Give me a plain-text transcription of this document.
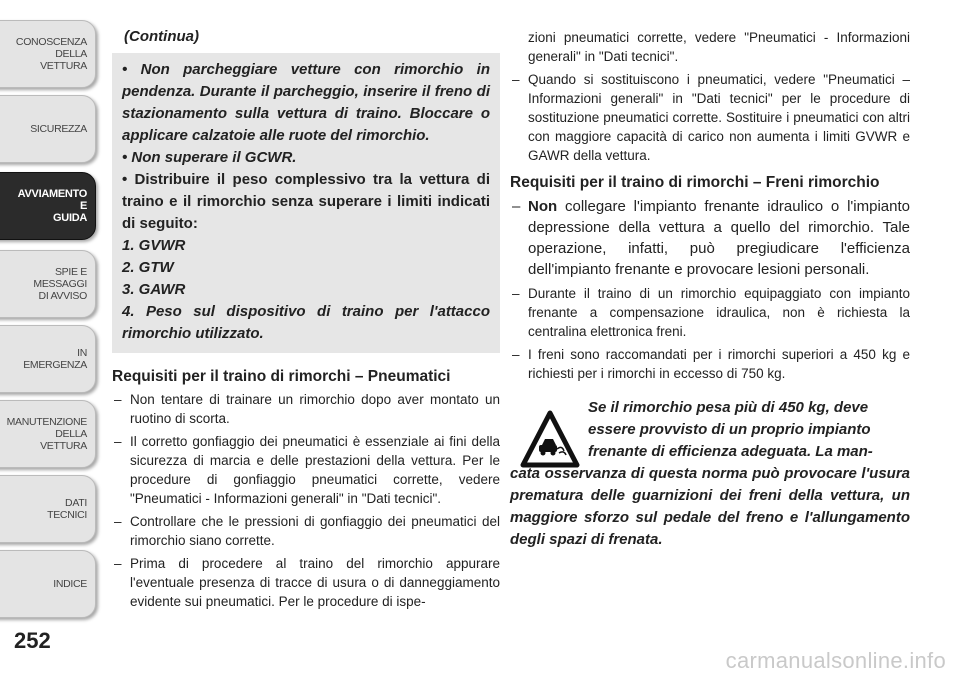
CONOSCENZA
DELLA
VETTURA
SICUREZZA
AVVIAMENTO
E
GUIDA
SPIE E
MESSAGGI
DI AVVISO
IN
EMERGENZA
MANUTENZIONE
DELLA
VETTURA
DATI
TECNICI
INDICE
252
(Continua)

• Non parcheggiare vetture con rimorchio in pendenza. Durante il parcheggio, inserire il freno di stazionamento sulla vettura di traino. Bloccare o applicare calzatoie alle ruote del rimorchio.

• Non superare il GCWR.

• Distribuire il peso complessivo tra la vettura di traino e il rimorchio senza superare i limiti indicati di seguito:

1. GVWR

2. GTW

3. GAWR

4. Peso sul dispositivo di traino per l'attacco rimorchio utilizzato.

Requisiti per il traino di rimorchi – Pneumatici
– Non tentare di trainare un rimorchio dopo aver montato un ruotino di scorta.
– Il corretto gonfiaggio dei pneumatici è essenziale ai fini della sicurezza di marcia e delle prestazioni della vettura. Per le procedure di gonfiaggio pneumatici corrette, vedere "Pneumatici - Informazioni generali" in "Dati tecnici".
– Controllare che le pressioni di gonfiaggio dei pneumatici del rimorchio siano corrette.
– Prima di procedere al traino del rimorchio appurare l'eventuale presenza di tracce di usura o di danneggiamento evidente sui pneumatici. Per le procedure di ispe-
zioni pneumatici corrette, vedere "Pneumatici - Informazioni generali" in "Dati tecnici".
– Quando si sostituiscono i pneumatici, vedere "Pneumatici – Informazioni generali" in "Dati tecnici" per le procedure di sostituzione pneumatici corrette. Sostituire i pneumatici con altri con maggiore capacità di carico non aumenta i limiti GVWR e GAWR della vettura.
Requisiti per il traino di rimorchi – Freni rimorchio
– Non collegare l'impianto frenante idraulico o l'impianto depressione della vettura a quello del rimorchio. Tale operazione, infatti, può pregiudicare l'efficienza dell'impianto frenante e provocare lesioni personali.
– Durante il traino di un rimorchio equipaggiato con impianto frenante a compensazione idraulica, non è richiesta la centralina elettronica freni.
– I freni sono raccomandati per i rimorchi superiori a 450 kg e richiesti per i rimorchi in eccesso di 750 kg.
Se il rimorchio pesa più di 450 kg, deve
essere provvisto di un proprio impianto
frenante di efficienza adeguata. La man-
cata osservanza di questa norma può provocare l'usura prematura delle guarnizioni dei freni della vettura, un maggiore sforzo sul pedale del freno e l'allungamento degli spazi di frenata.
carmanualsonline.info
